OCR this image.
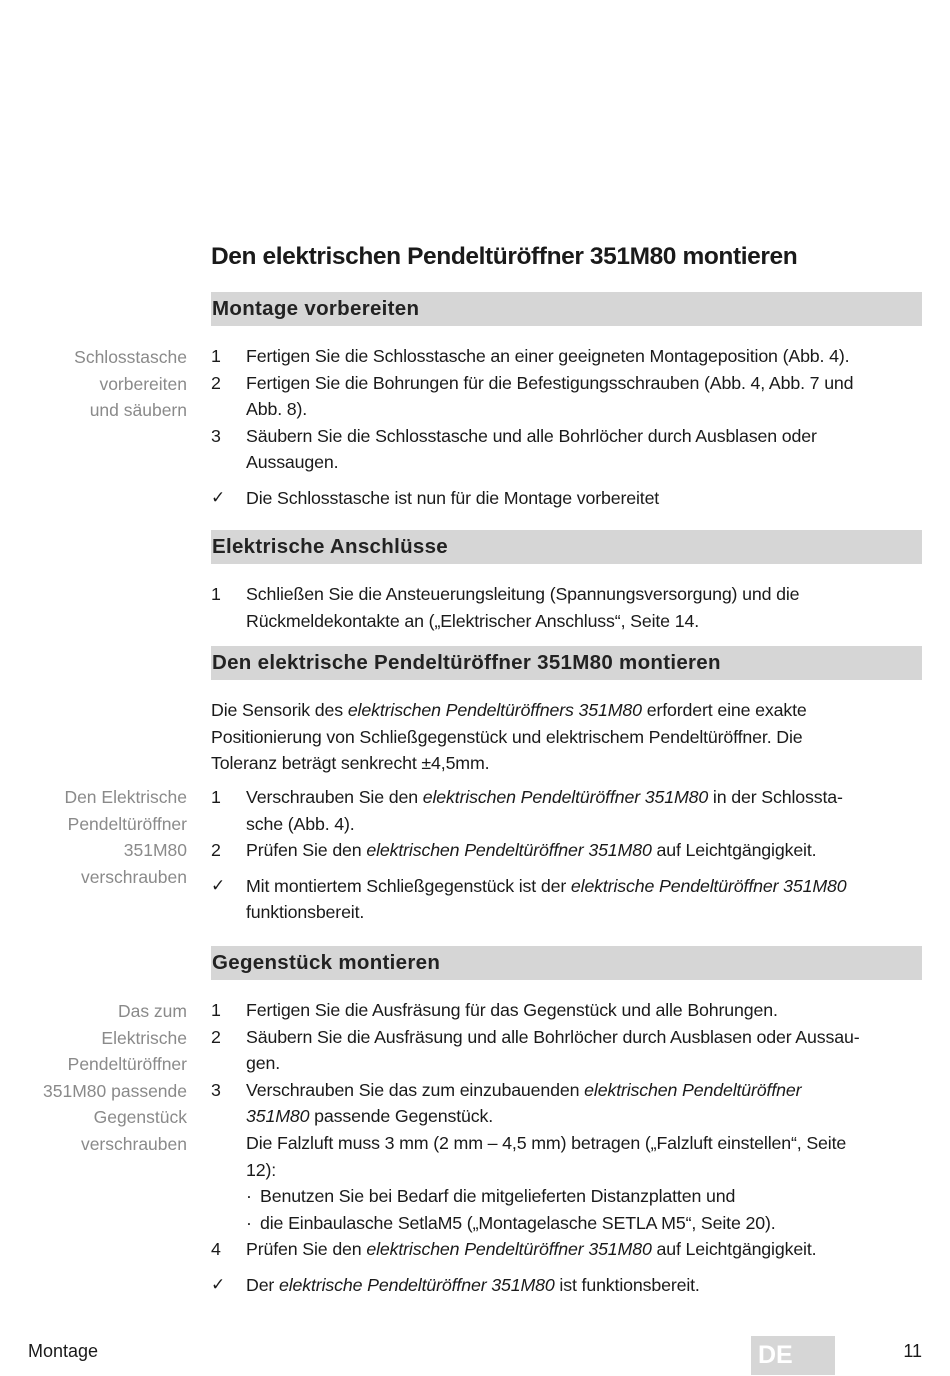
Den elektrischen Pendeltüröffner 351M80 montieren
Montage vorbereiten
Schlosstasche
vorbereiten
und säubern
1	Fertigen Sie die Schlosstasche an einer geeigneten Montageposition (Abb. 4).
2	Fertigen Sie die Bohrungen für die Befestigungsschrauben (Abb. 4, Abb. 7 und
Abb. 8).
3	Säubern Sie die Schlosstasche und alle Bohrlöcher durch Ausblasen oder
Aussaugen.
✓	Die Schlosstasche ist nun für die Montage vorbereitet
Elektrische Anschlüsse
1	Schließen Sie die Ansteuerungsleitung (Spannungsversorgung) und die
Rückmeldekontakte an („Elektrischer Anschluss“, Seite 14.
Den elektrische Pendeltüröffner 351M80 montieren
Die Sensorik des elektrischen Pendeltüröffners 351M80 erfordert eine exakte
Positionierung von Schließgegenstück und elektrischem Pendeltüröffner. Die
Toleranz beträgt senkrecht ±4,5mm.
Den Elektrische
Pendeltüröffner
351M80
verschrauben
1	Verschrauben Sie den elektrischen Pendeltüröffner 351M80 in der Schlossta-
sche (Abb. 4).
2	Prüfen Sie den elektrischen Pendeltüröffner 351M80 auf Leichtgängigkeit.
✓	Mit montiertem Schließgegenstück ist der elektrische Pendeltüröffner 351M80
funktionsbereit.
Gegenstück montieren
Das zum
Elektrische
Pendeltüröffner
351M80 passende
Gegenstück
verschrauben
1	Fertigen Sie die Ausfräsung für das Gegenstück und alle Bohrungen.
2	Säubern Sie die Ausfräsung und alle Bohrlöcher durch Ausblasen oder Aussau-
gen.
3	Verschrauben Sie das zum einzubauenden elektrischen Pendeltüröffner
351M80 passende Gegenstück.
Die Falzluft muss 3 mm (2 mm – 4,5 mm) betragen („Falzluft einstellen“, Seite
12):
· Benutzen Sie bei Bedarf die mitgelieferten Distanzplatten und
· die Einbaulasche SetlaM5 („Montagelasche SETLA M5“, Seite 20).
4	Prüfen Sie den elektrischen Pendeltüröffner 351M80 auf Leichtgängigkeit.
✓	Der elektrische Pendeltüröffner 351M80 ist funktionsbereit.
Montage	DE	11
